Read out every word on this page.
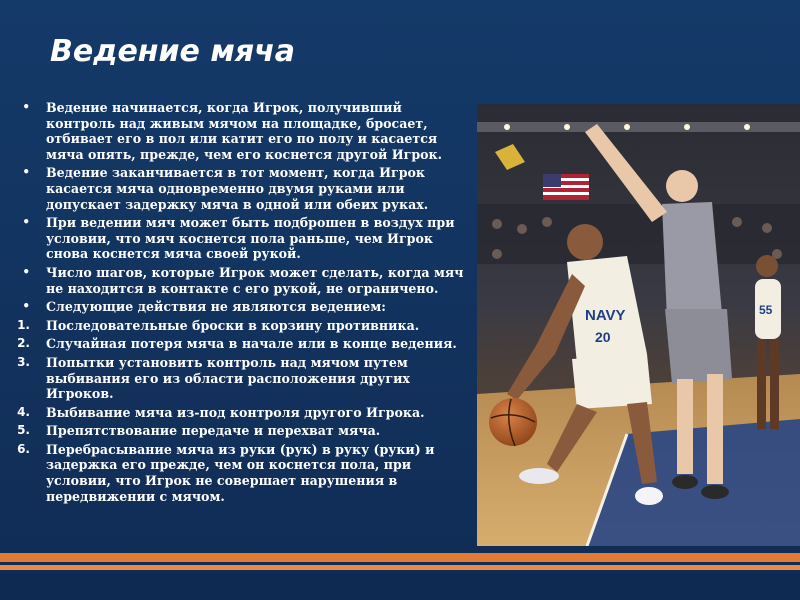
Ведение мяча
• Ведение начинается, когда Игрок, получивший контроль над живым мячом на площадке, бросает, отбивает его в пол или катит его по полу и касается мяча опять, прежде, чем его коснется другой Игрок.
• Ведение заканчивается в тот момент, когда Игрок касается мяча одновременно двумя руками или допускает задержку мяча в одной или обеих руках.
• При ведении мяч может быть подброшен в воздух при условии, что мяч коснется пола раньше, чем Игрок снова коснется мяча своей рукой.
• Число шагов, которые Игрок может сделать, когда мяч не находится в контакте с его рукой, не ограничено.
• Следующие действия не являются ведением:
1. Последовательные броски в корзину противника.
2. Случайная потеря мяча в начале или в конце ведения.
3. Попытки установить контроль над мячом путем выбивания его из области расположения других Игроков.
4. Выбивание мяча из-под контроля другого Игрока.
5. Препятствование передаче и перехват мяча.
6. Перебрасывание мяча из руки (рук) в руку (руки) и задержка его прежде, чем он коснется пола, при условии, что Игрок не совершает нарушения в передвижении с мячом.
55
NAVY
20
